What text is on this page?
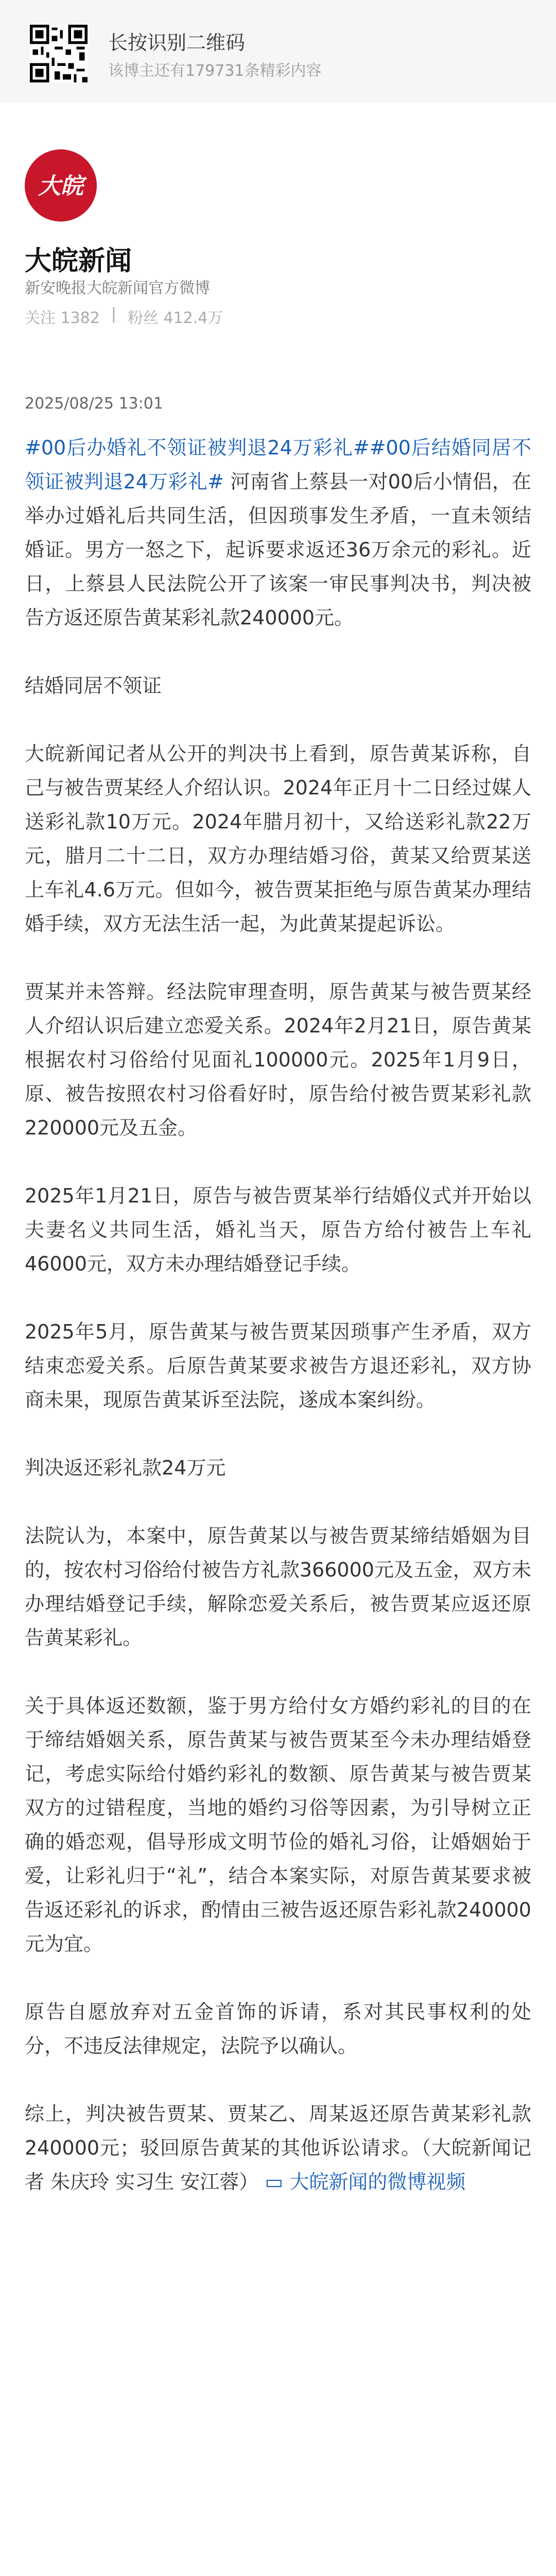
长按识别二维码
该博主还有179731条精彩内容
大皖
大皖新闻
新安晚报大皖新闻官方微博
关注 1382 | 粉丝 412.4万
2025/08/25 13:01

#00后办婚礼不领证被判退24万彩礼##00后结婚同居不领证被判退24万彩礼# 河南省上蔡县一对00后小情侣，在举办过婚礼后共同生活，但因琐事发生矛盾，一直未领结婚证。男方一怒之下，起诉要求返还36万余元的彩礼。近日，上蔡县人民法院公开了该案一审民事判决书，判决被告方返还原告黄某彩礼款240000元。

结婚同居不领证

大皖新闻记者从公开的判决书上看到，原告黄某诉称，自己与被告贾某经人介绍认识。2024年正月十二日经过媒人送彩礼款10万元。2024年腊月初十，又给送彩礼款22万元，腊月二十二日，双方办理结婚习俗，黄某又给贾某送上车礼4.6万元。但如今，被告贾某拒绝与原告黄某办理结婚手续，双方无法生活一起，为此黄某提起诉讼。

贾某并未答辩。经法院审理查明，原告黄某与被告贾某经人介绍认识后建立恋爱关系。2024年2月21日，原告黄某根据农村习俗给付见面礼100000元。2025年1月9日，原、被告按照农村习俗看好时，原告给付被告贾某彩礼款220000元及五金。

2025年1月21日，原告与被告贾某举行结婚仪式并开始以夫妻名义共同生活，婚礼当天，原告方给付被告上车礼46000元，双方未办理结婚登记手续。

2025年5月，原告黄某与被告贾某因琐事产生矛盾，双方结束恋爱关系。后原告黄某要求被告方退还彩礼，双方协商未果，现原告黄某诉至法院，遂成本案纠纷。

判决返还彩礼款24万元

法院认为，本案中，原告黄某以与被告贾某缔结婚姻为目的，按农村习俗给付被告方礼款366000元及五金，双方未办理结婚登记手续，解除恋爱关系后，被告贾某应返还原告黄某彩礼。

关于具体返还数额，鉴于男方给付女方婚约彩礼的目的在于缔结婚姻关系，原告黄某与被告贾某至今未办理结婚登记，考虑实际给付婚约彩礼的数额、原告黄某与被告贾某双方的过错程度，当地的婚约习俗等因素，为引导树立正确的婚恋观，倡导形成文明节俭的婚礼习俗，让婚姻始于爱，让彩礼归于“礼”，结合本案实际，对原告黄某要求被告返还彩礼的诉求，酌情由三被告返还原告彩礼款240000元为宜。

原告自愿放弃对五金首饰的诉请，系对其民事权利的处分，不违反法律规定，法院予以确认。

综上，判决被告贾某、贾某乙、周某返还原告黄某彩礼款240000元；驳回原告黄某的其他诉讼请求。（大皖新闻记者 朱庆玲 实习生 安江蓉） ▭ 大皖新闻的微博视频
